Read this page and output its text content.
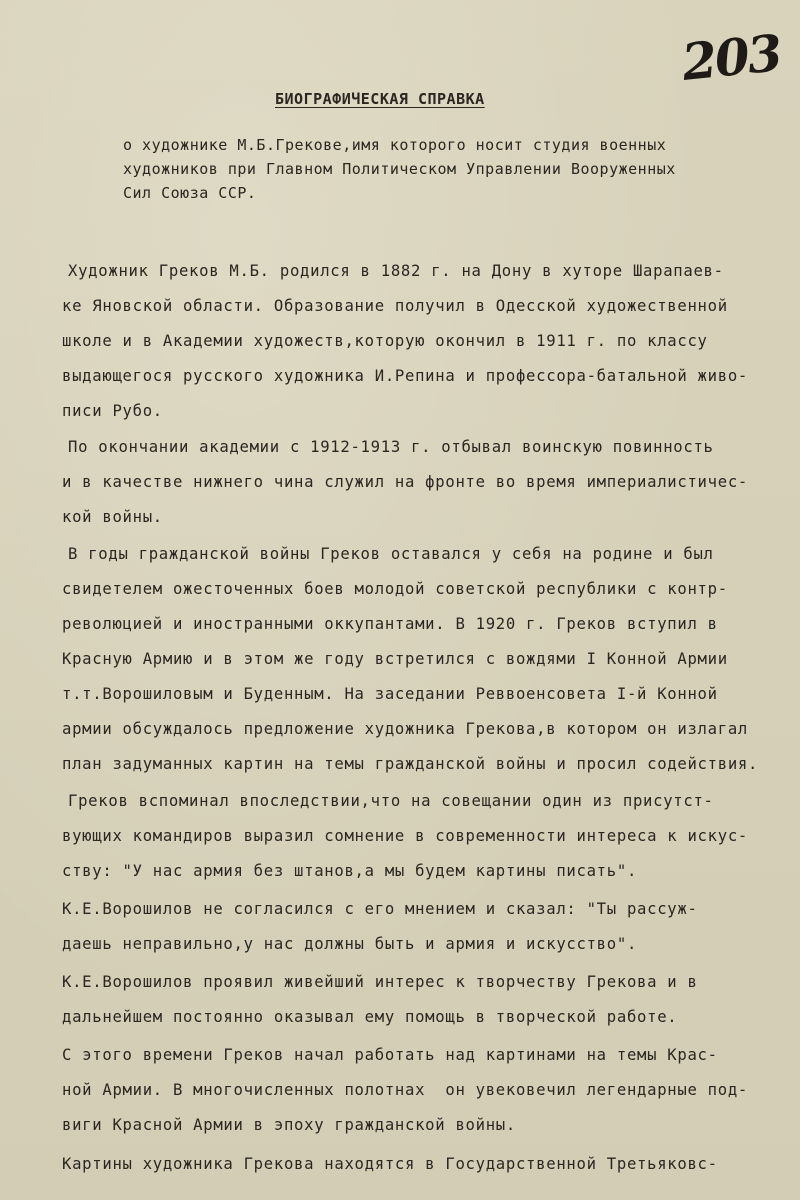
203
БИОГРАФИЧЕСКАЯ СПРАВКА
о художнике М.Б.Грекове,имя которого носит студия военных
художников при Главном Политическом Управлении Вооруженных
Сил Союза ССР.
Художник Греков М.Б. родился в 1882 г. на Дону в хуторе Шарапаев-
ке Яновской области. Образование получил в Одесской художественной
школе и в Академии художеств,которую окончил в 1911 г. по классу
выдающегося русского художника И.Репина и профессора-батальной живо-
писи Рубо.
По окончании академии с 1912-1913 г. отбывал воинскую повинность
и в качестве нижнего чина служил на фронте во время империалистичес-
кой войны.
В годы гражданской войны Греков оставался у себя на родине и был
свидетелем ожесточенных боев молодой советской республики с контр-
революцией и иностранными оккупантами. В 1920 г. Греков вступил в
Красную Армию и в этом же году встретился с вождями I Конной Армии
т.т.Ворошиловым и Буденным. На заседании Реввоенсовета I-й Конной
армии обсуждалось предложение художника Грекова,в котором он излагал
план задуманных картин на темы гражданской войны и просил содействия.
Греков вспоминал впоследствии,что на совещании один из присутст-
вующих командиров выразил сомнение в современности интереса к искус-
ству: "У нас армия без штанов,а мы будем картины писать".
К.Е.Ворошилов не согласился с его мнением и сказал: "Ты рассуж-
даешь неправильно,у нас должны быть и армия и искусство".
К.Е.Ворошилов проявил живейший интерес к творчеству Грекова и в
дальнейшем постоянно оказывал ему помощь в творческой работе.
С этого времени Греков начал работать над картинами на темы Крас-
ной Армии. В многочисленных полотнах  он увековечил легендарные под-
виги Красной Армии в эпоху гражданской войны.
Картины художника Грекова находятся в Государственной Третьяковс-
